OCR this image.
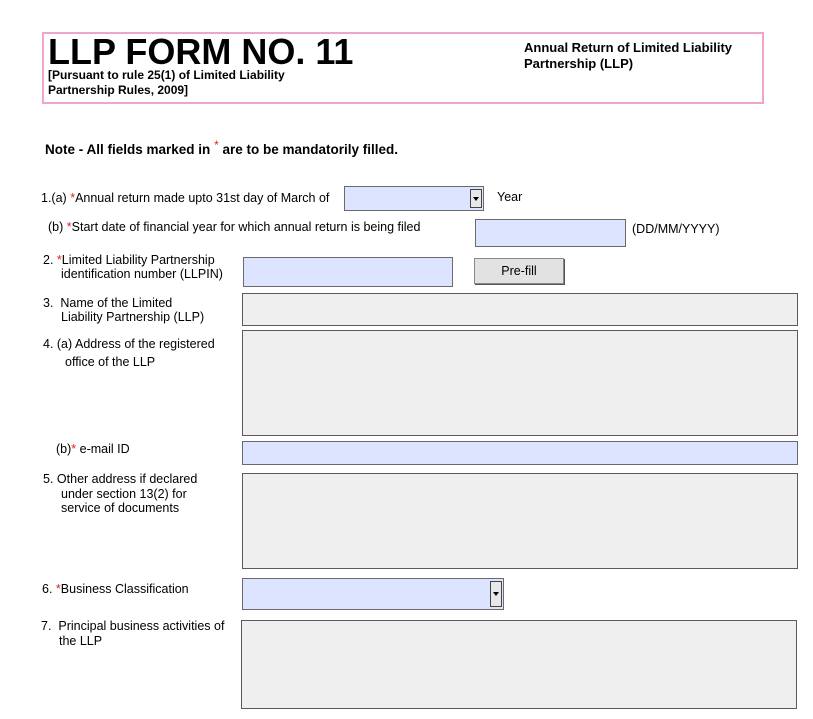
LLP FORM NO. 11
[Pursuant to rule 25(1) of Limited Liability Partnership Rules, 2009]
Annual Return of Limited Liability Partnership (LLP)
Note - All fields marked in * are to be mandatorily filled.
1.(a) *Annual return made upto 31st day of March of	Year
(b) *Start date of financial year for which annual return is being filed	(DD/MM/YYYY)
2. *Limited Liability Partnership
identification number (LLPIN)	Pre-fill
3. Name of the Limited
Liability Partnership (LLP)
4. (a) Address of the registered
office of the LLP
(b)* e-mail ID
5. Other address if declared
under section 13(2) for
service of documents
6. *Business Classification
7. Principal business activities of
the LLP
